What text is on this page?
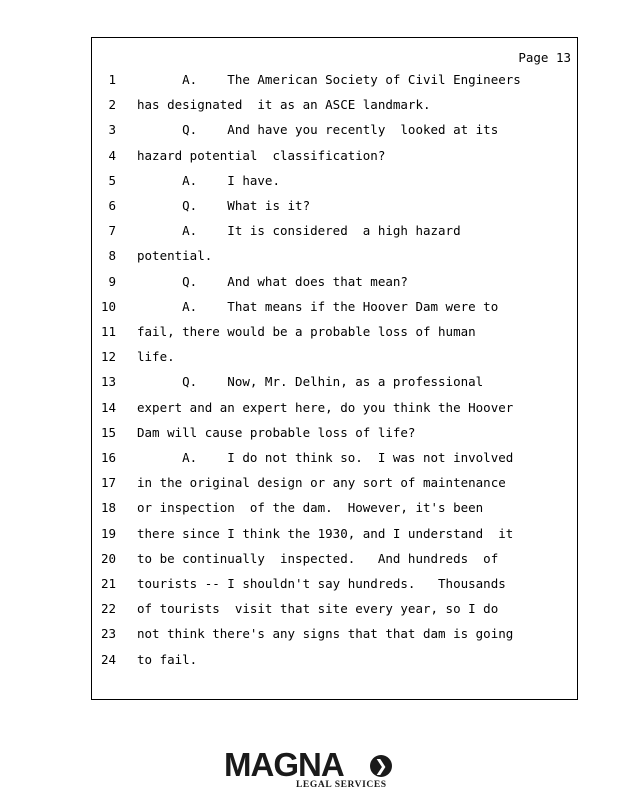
Page 13
1 A.    The American Society of Civil Engineers
2 has designated  it as an ASCE landmark.
3 Q.    And have you recently  looked at its
4 hazard potential  classification?
5 A.    I have.
6 Q.    What is it?
7 A.    It is considered  a high hazard
8 potential.
9 Q.    And what does that mean?
10 A.    That means if the Hoover Dam were to
11 fail, there would be a probable loss of human
12 life.
13 Q.    Now, Mr. Delhin, as a professional
14 expert and an expert here, do you think the Hoover
15 Dam will cause probable loss of life?
16 A.    I do not think so.  I was not involved
17 in the original design or any sort of maintenance
18 or inspection  of the dam.  However, it's been
19 there since I think the 1930, and I understand  it
20 to be continually  inspected.   And hundreds  of
21 tourists -- I shouldn't say hundreds.   Thousands
22 of tourists  visit that site every year, so I do
23 not think there's any signs that that dam is going
24 to fail.
MAGNA ❯
LEGAL SERVICES
